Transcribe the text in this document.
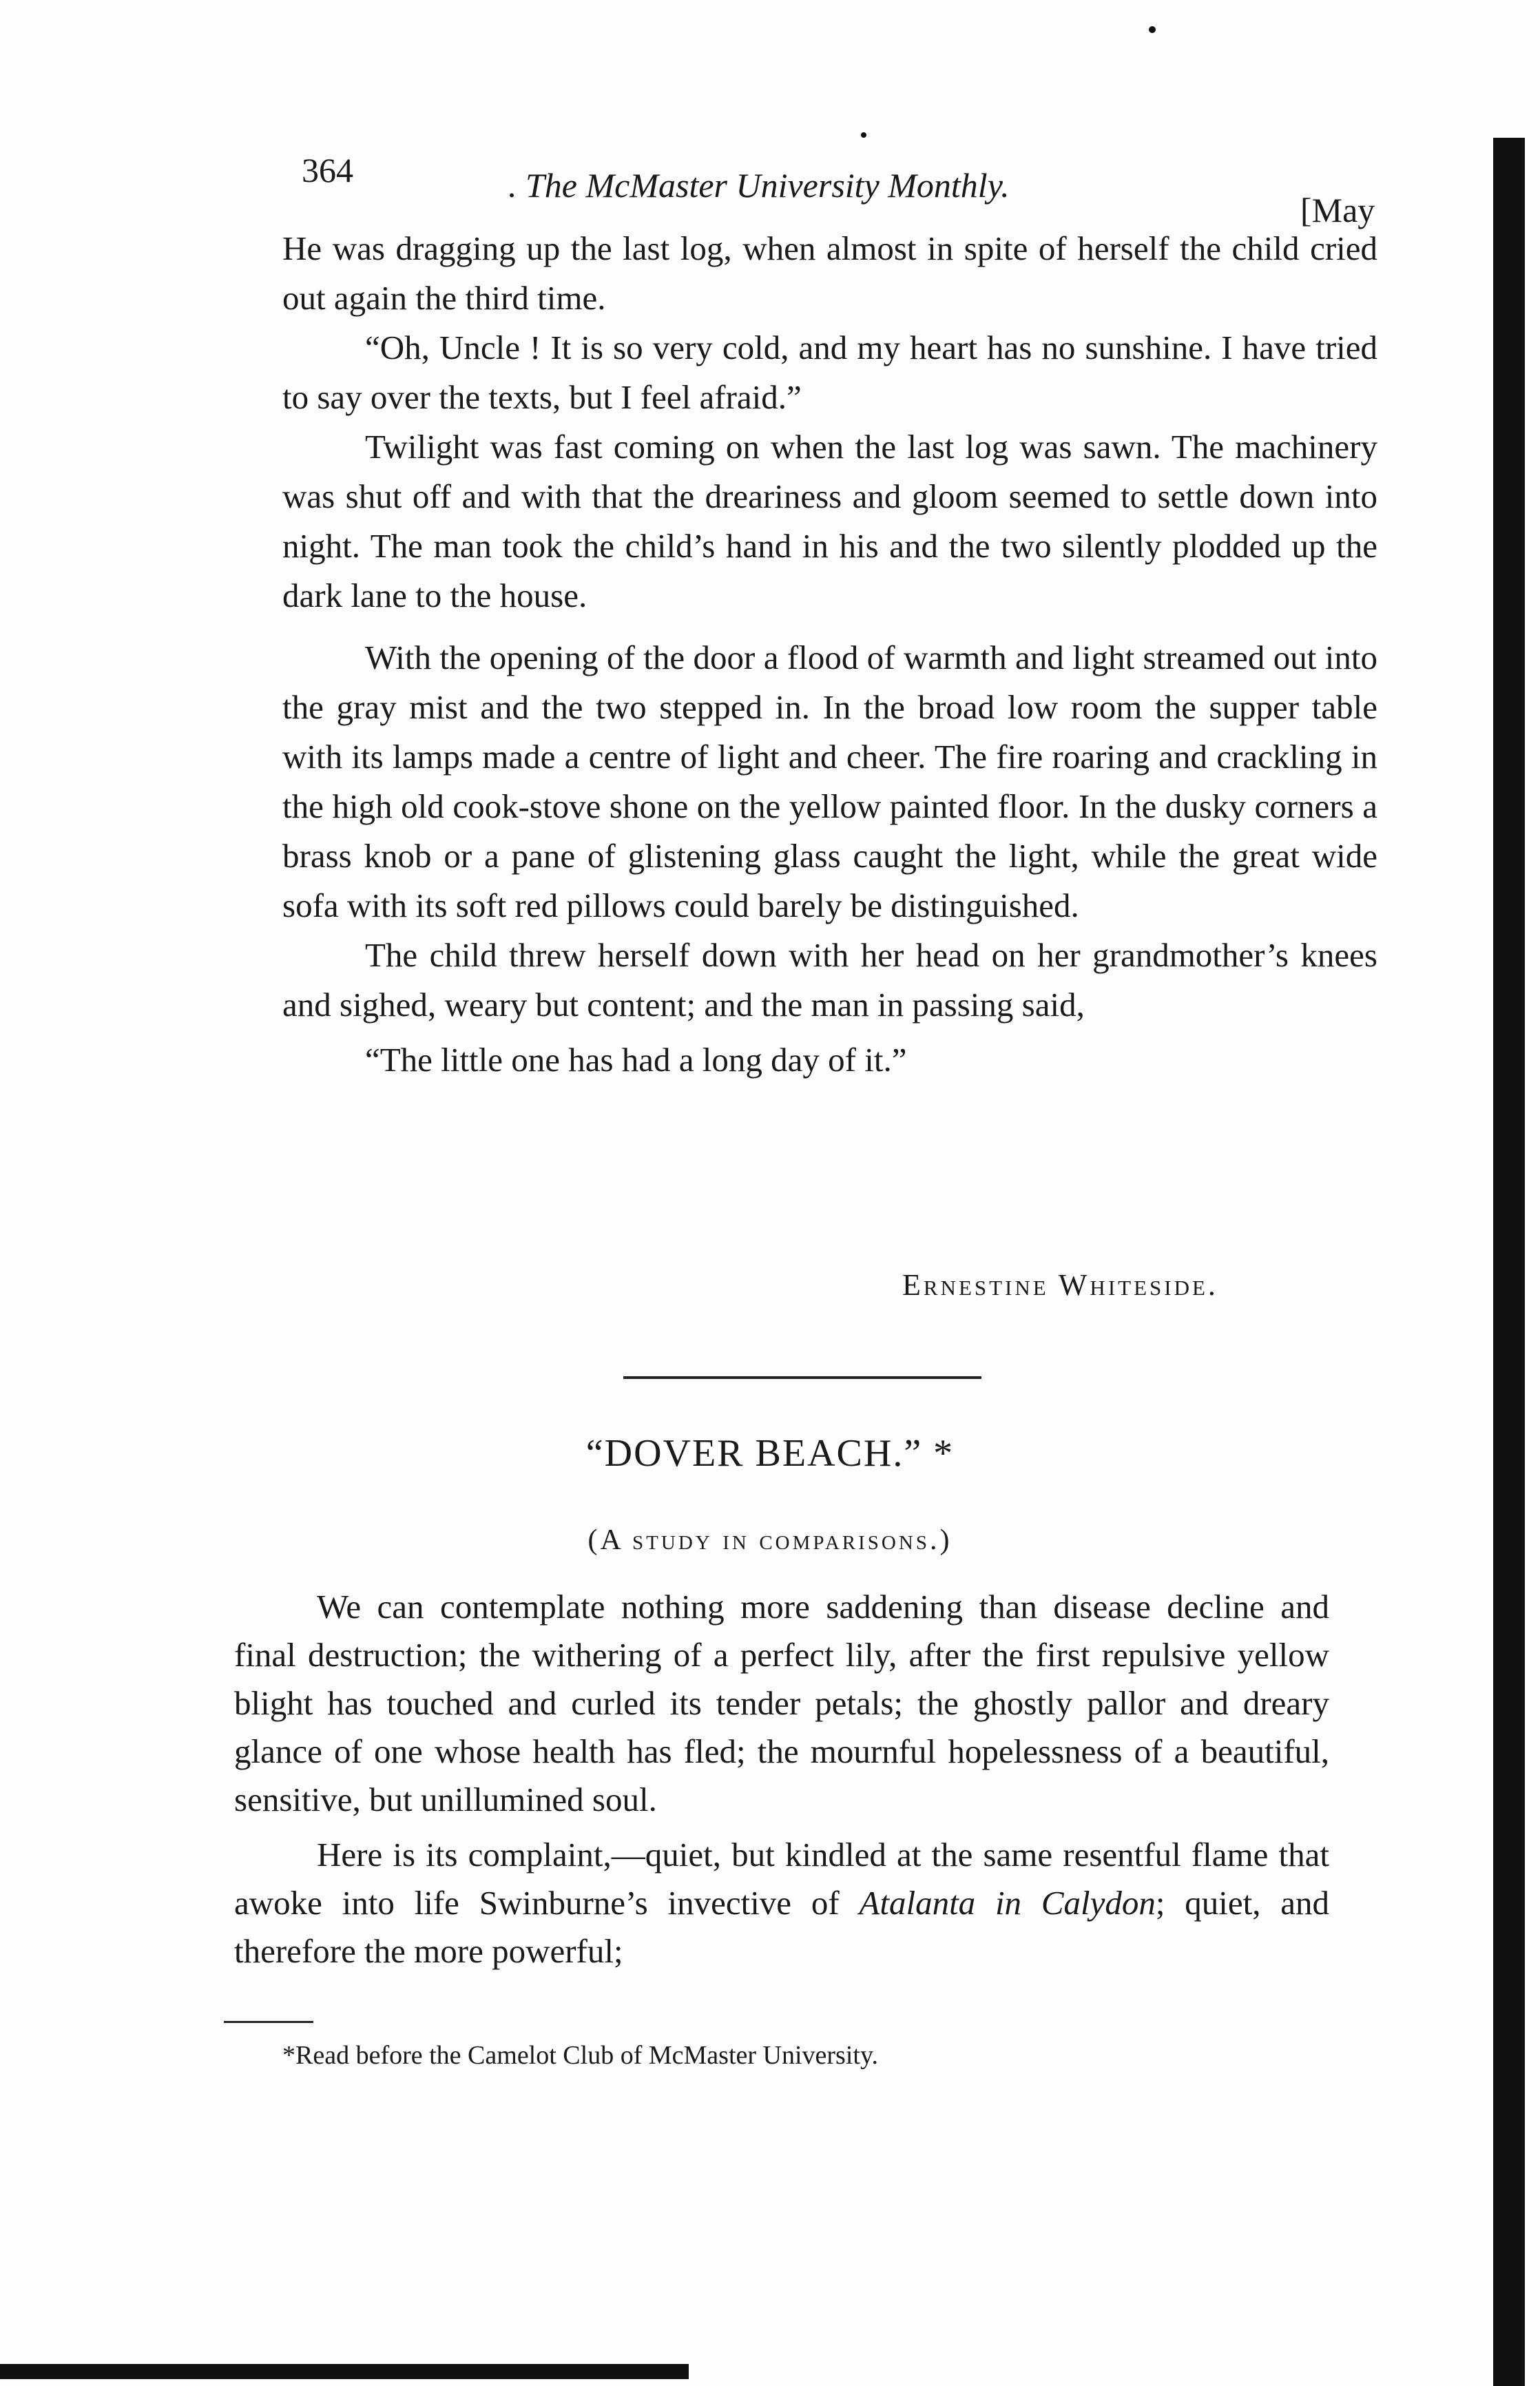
364	. The McMaster University Monthly.
[May

He was dragging up the last log, when almost in spite of herself the child cried out again the third time.

“Oh, Uncle ! It is so very cold, and my heart has no sunshine. I have tried to say over the texts, but I feel afraid.”

Twilight was fast coming on when the last log was sawn. The machinery was shut off and with that the dreariness and gloom seemed to settle down into night. The man took the child’s hand in his and the two silently plodded up the dark lane to the house.

With the opening of the door a flood of warmth and light streamed out into the gray mist and the two stepped in. In the broad low room the supper table with its lamps made a centre of light and cheer. The fire roaring and crackling in the high old cook-stove shone on the yellow painted floor. In the dusky corners a brass knob or a pane of glistening glass caught the light, while the great wide sofa with its soft red pillows could barely be distinguished.

The child threw herself down with her head on her grandmother’s knees and sighed, weary but content; and the man in passing said,

“The little one has had a long day of it.”

Ernestine Whiteside.
“DOVER BEACH.” *
(A study in comparisons.)

We can contemplate nothing more saddening than disease decline and final destruction; the withering of a perfect lily, after the first repulsive yellow blight has touched and curled its tender petals; the ghostly pallor and dreary glance of one whose health has fled; the mournful hopelessness of a beautiful, sensitive, but unillumined soul.

Here is its complaint,—quiet, but kindled at the same resentful flame that awoke into life Swinburne’s invective of Atalanta in Calydon; quiet, and therefore the more powerful;

*Read before the Camelot Club of McMaster University.
